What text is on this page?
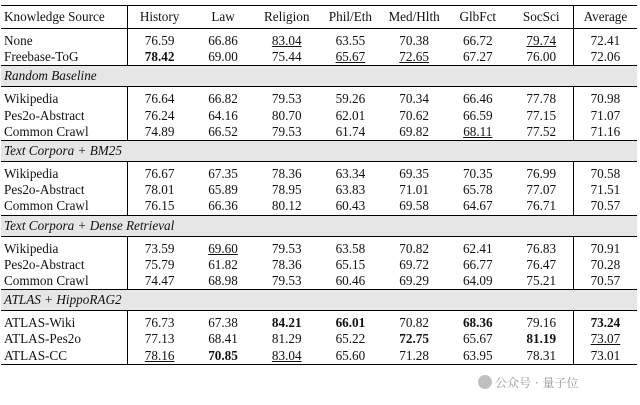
Knowledge Source	History	Law	Religion	Phil/Eth	Med/Hlth	GlbFct	SocSci	Average

None	76.59	66.86	83.04	63.55	70.38	66.72	79.74	72.41
Freebase-ToG	78.42	69.00	75.44	65.67	72.65	67.27	76.00	72.06
Random Baseline								

Wikipedia	76.64	66.82	79.53	59.26	70.34	66.46	77.78	70.98
Pes2o-Abstract	76.24	64.16	80.70	62.01	70.62	66.59	77.15	71.07
Common Crawl	74.89	66.52	79.53	61.74	69.82	68.11	77.52	71.16
Text Corpora + BM25								

Wikipedia	76.67	67.35	78.36	63.34	69.35	70.35	76.99	70.58
Pes2o-Abstract	78.01	65.89	78.95	63.83	71.01	65.78	77.07	71.51
Common Crawl	76.15	66.36	80.12	60.43	69.58	64.67	76.71	70.57
Text Corpora + Dense Retrieval								

Wikipedia	73.59	69.60	79.53	63.58	70.82	62.41	76.83	70.91
Pes2o-Abstract	75.79	61.82	78.36	65.15	69.72	66.77	76.47	70.28
Common Crawl	74.47	68.98	79.53	60.46	69.29	64.09	75.21	70.57
ATLAS + HippoRAG2								

ATLAS-Wiki	76.73	67.38	84.21	66.01	70.82	68.36	79.16	73.24
ATLAS-Pes2o	77.13	68.41	81.29	65.22	72.75	65.67	81.19	73.07
ATLAS-CC	78.16	70.85	83.04	65.60	71.28	63.95	78.31	73.01
公众号 · 量子位
